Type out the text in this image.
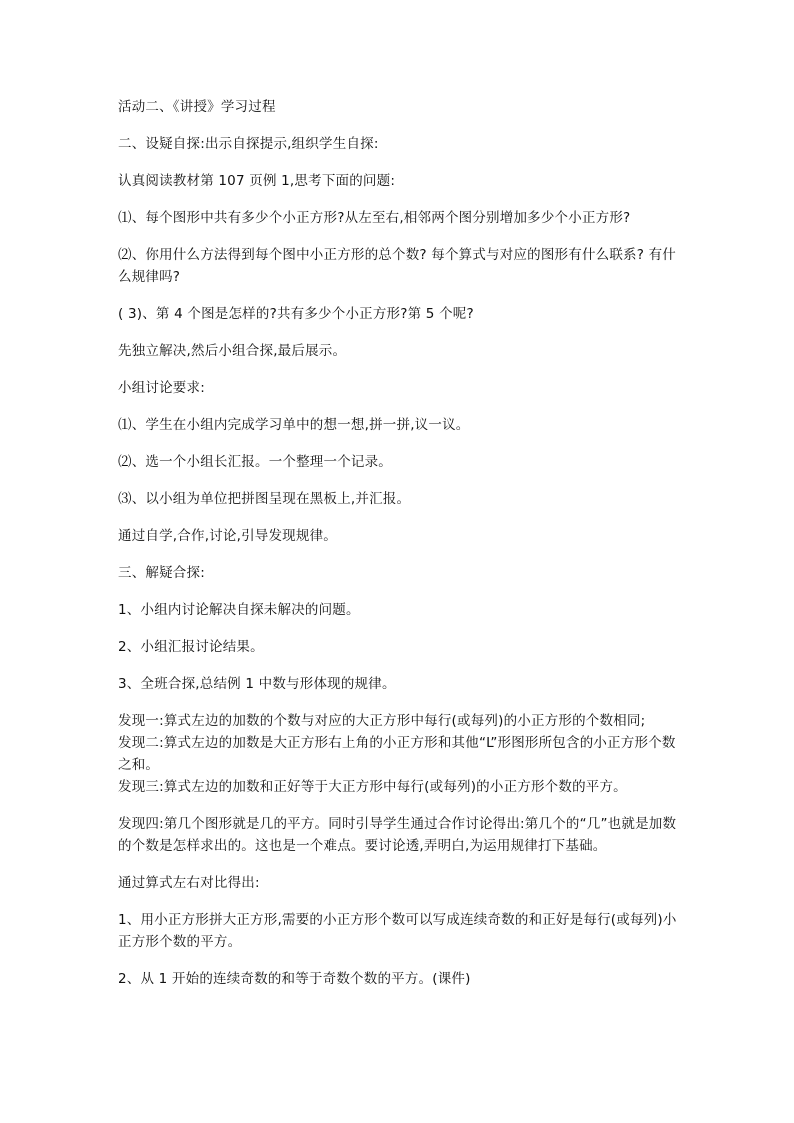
活动二、《讲授》学习过程

二、设疑自探:出示自探提示,组织学生自探:

认真阅读教材第 107 页例 1,思考下面的问题:

⑴、每个图形中共有多少个小正方形?从左至右,相邻两个图分别增加多少个小正方形?

⑵、你用什么方法得到每个图中小正方形的总个数? 每个算式与对应的图形有什么联系? 有什么规律吗?

( 3)、第 4 个图是怎样的?共有多少个小正方形?第 5 个呢?

先独立解决,然后小组合探,最后展示。

小组讨论要求:

⑴、学生在小组内完成学习单中的想一想,拼一拼,议一议。

⑵、选一个小组长汇报。一个整理一个记录。

⑶、以小组为单位把拼图呈现在黑板上,并汇报。

通过自学,合作,讨论,引导发现规律。

三、解疑合探:

1、小组内讨论解决自探未解决的问题。

2、小组汇报讨论结果。

3、全班合探,总结例 1 中数与形体现的规律。

发现一:算式左边的加数的个数与对应的大正方形中每行(或每列)的小正方形的个数相同;
发现二:算式左边的加数是大正方形右上角的小正方形和其他“L”形图形所包含的小正方形个数之和。
发现三:算式左边的加数和正好等于大正方形中每行(或每列)的小正方形个数的平方。

发现四:第几个图形就是几的平方。同时引导学生通过合作讨论得出:第几个的“几”也就是加数的个数是怎样求出的。这也是一个难点。要讨论透,弄明白,为运用规律打下基础。

通过算式左右对比得出:

1、用小正方形拼大正方形,需要的小正方形个数可以写成连续奇数的和正好是每行(或每列)小正方形个数的平方。

2、从 1 开始的连续奇数的和等于奇数个数的平方。(课件)
